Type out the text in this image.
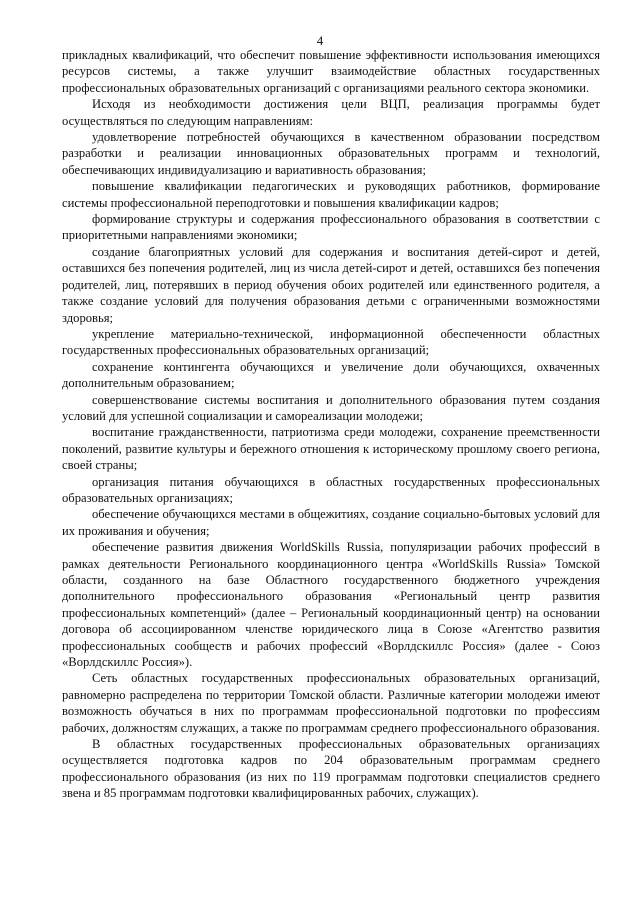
4

прикладных квалификаций, что обеспечит повышение эффективности использования имеющихся ресурсов системы, а также улучшит взаимодействие областных государственных профессиональных образовательных организаций с организациями реального сектора экономики.

Исходя из необходимости достижения цели ВЦП, реализация программы будет осуществляться по следующим направлениям:

удовлетворение потребностей обучающихся в качественном образовании посредством разработки и реализации инновационных образовательных программ и технологий, обеспечивающих индивидуализацию и вариативность образования;

повышение квалификации педагогических и руководящих работников, формирование системы профессиональной переподготовки и повышения квалификации кадров;

формирование структуры и содержания профессионального образования в соответствии с приоритетными направлениями экономики;

создание благоприятных условий для содержания и воспитания детей-сирот и детей, оставшихся без попечения родителей, лиц из числа детей-сирот и детей, оставшихся без попечения родителей, лиц, потерявших в период обучения обоих родителей или единственного родителя, а также создание условий для получения образования детьми с ограниченными возможностями здоровья;

укрепление материально-технической, информационной обеспеченности областных государственных профессиональных образовательных организаций;

сохранение контингента обучающихся и увеличение доли обучающихся, охваченных дополнительным образованием;

совершенствование системы воспитания и дополнительного образования путем создания условий для успешной социализации и самореализации молодежи;

воспитание гражданственности, патриотизма среди молодежи, сохранение преемственности поколений, развитие культуры и бережного отношения к историческому прошлому своего региона, своей страны;

организация питания обучающихся в областных государственных профессиональных образовательных организациях;

обеспечение обучающихся местами в общежитиях, создание социально-бытовых условий для их проживания и обучения;

обеспечение развития движения WorldSkills Russia, популяризации рабочих профессий в рамках деятельности Регионального координационного центра «WorldSkills Russia» Томской области, созданного на базе Областного государственного бюджетного учреждения дополнительного профессионального образования «Региональный центр развития профессиональных компетенций» (далее – Региональный координационный центр) на основании договора об ассоциированном членстве юридического лица в Союзе «Агентство развития профессиональных сообществ и рабочих профессий «Ворлдскиллс Россия» (далее - Союз «Ворлдскиллс Россия»).

Сеть областных государственных профессиональных образовательных организаций, равномерно распределена по территории Томской области. Различные категории молодежи имеют возможность обучаться в них по программам профессиональной подготовки по профессиям рабочих, должностям служащих, а также по программам среднего профессионального образования.

В областных государственных профессиональных образовательных организациях осуществляется подготовка кадров по 204 образовательным программам среднего профессионального образования (из них по 119 программам подготовки специалистов среднего звена и 85 программам подготовки квалифицированных рабочих, служащих).
